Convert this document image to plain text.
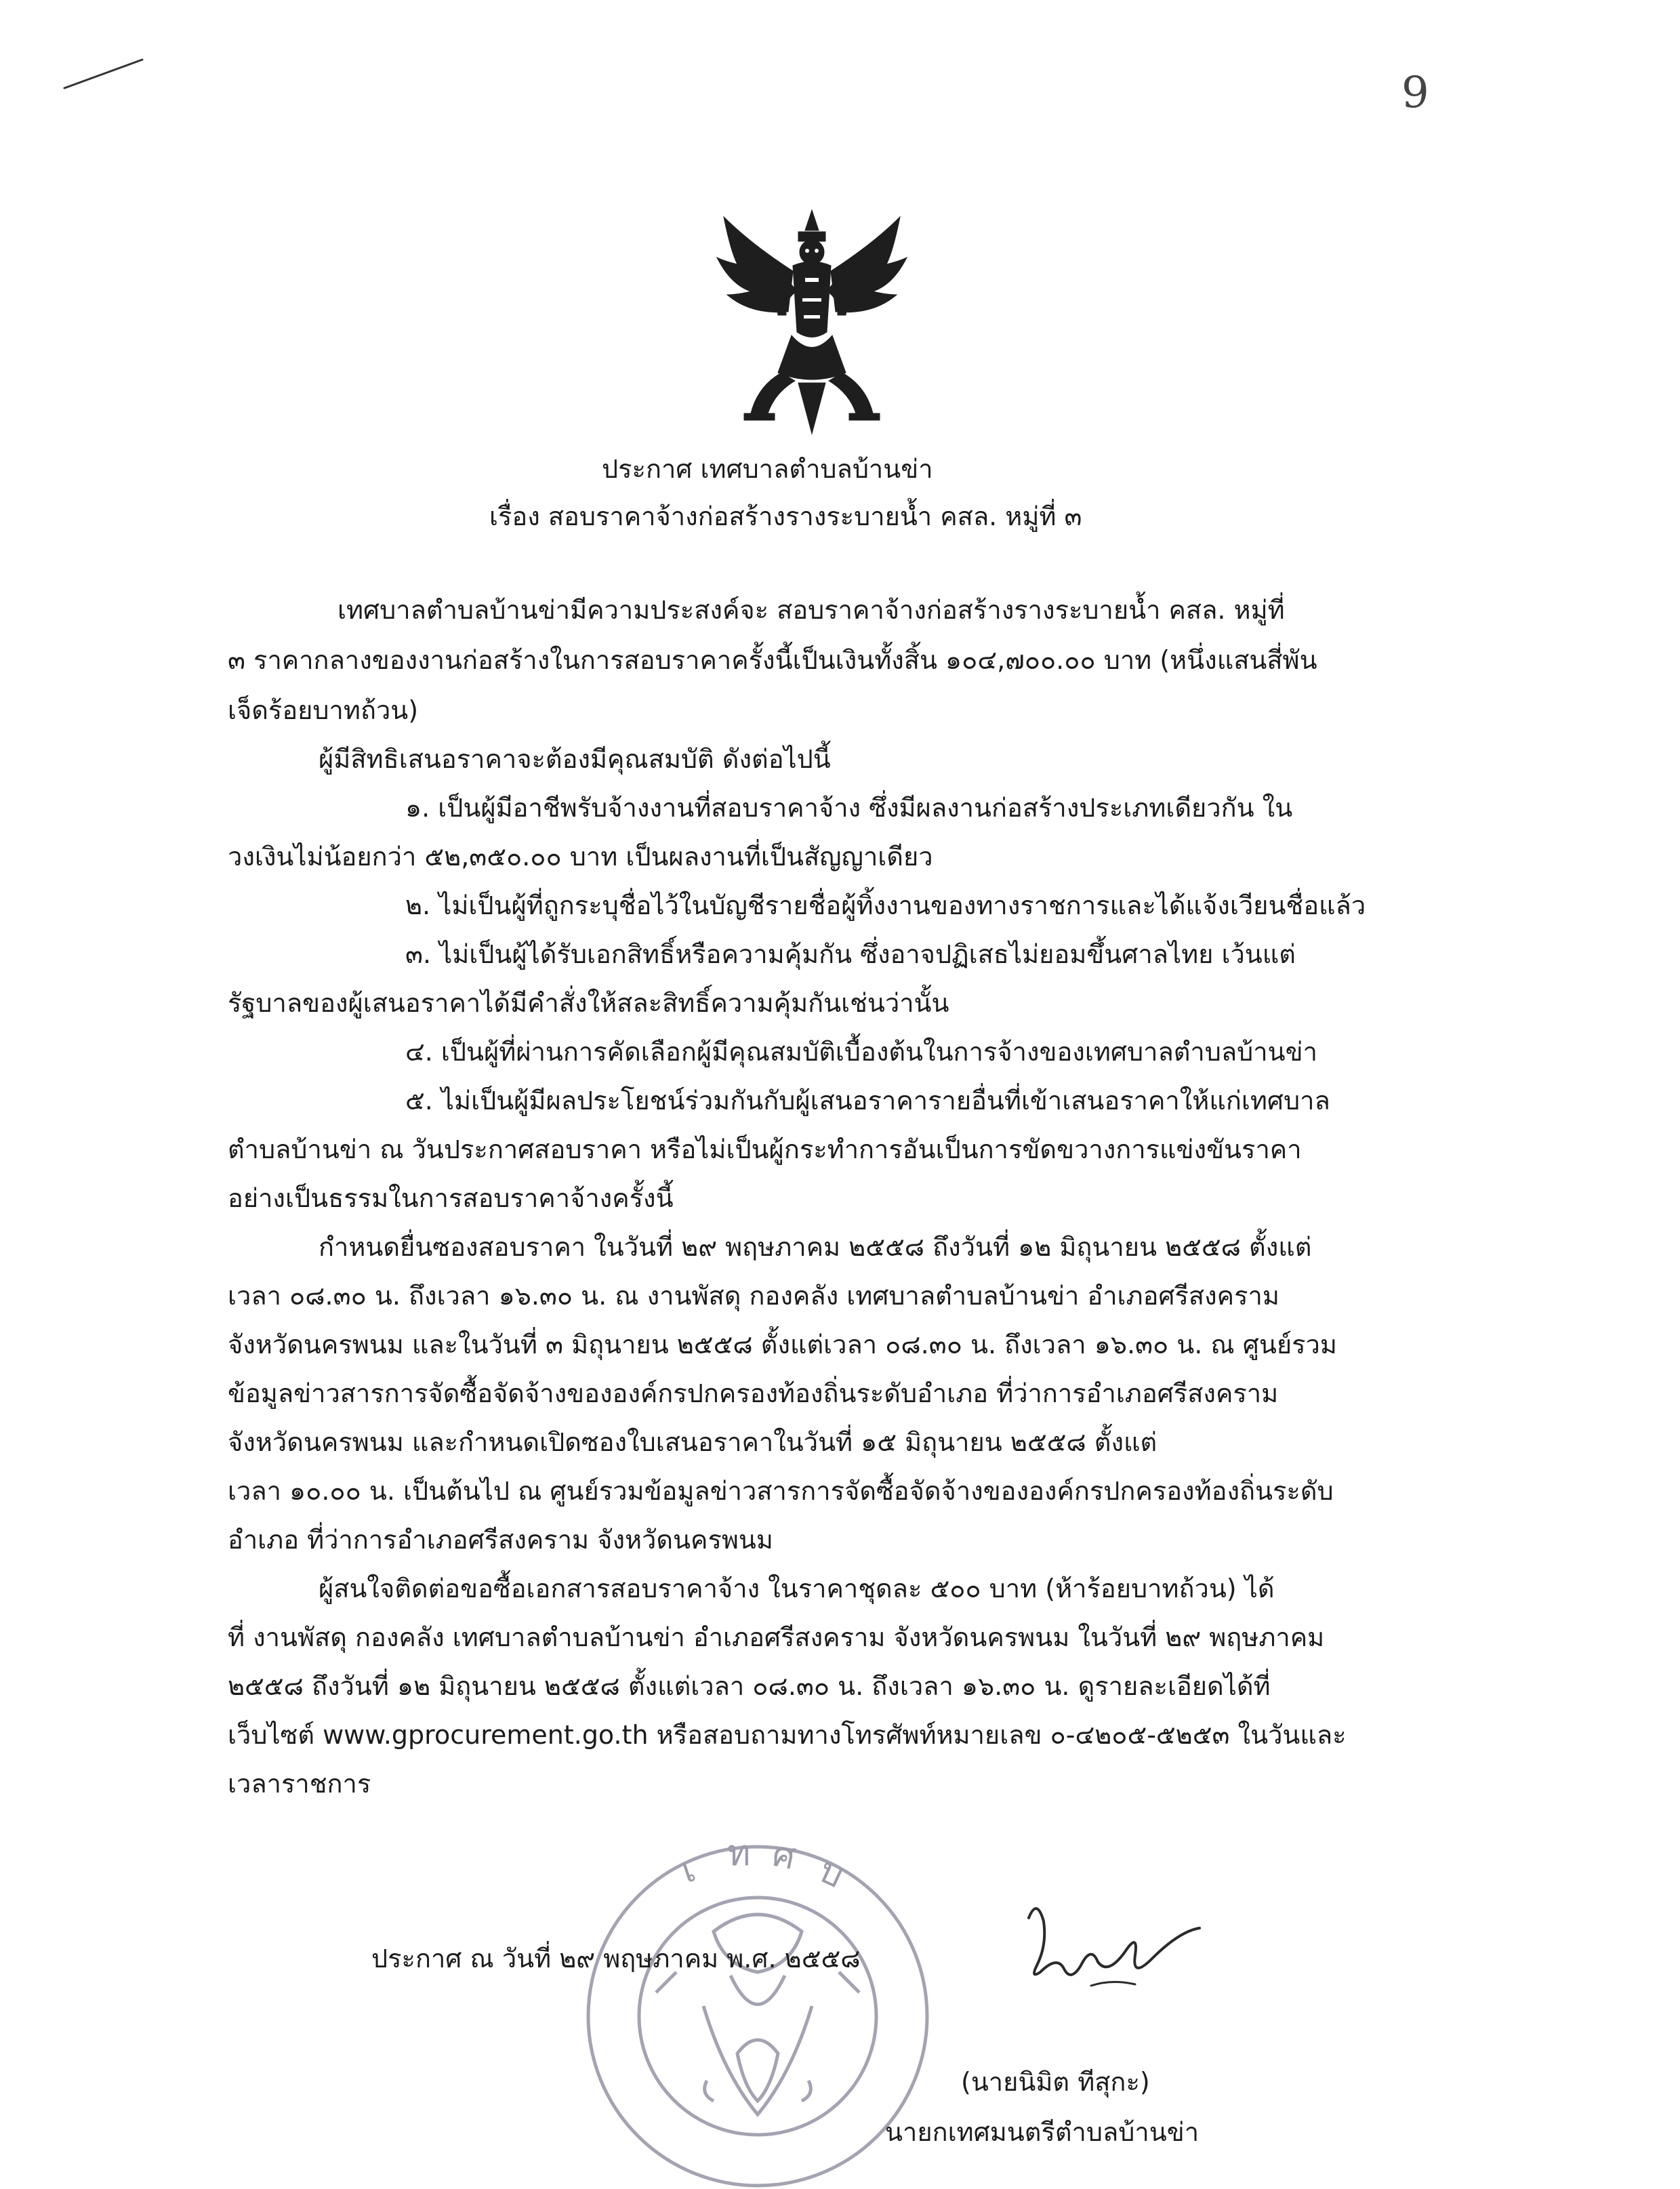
9
ประกาศ เทศบาลตำบลบ้านข่า
เรื่อง สอบราคาจ้างก่อสร้างรางระบายน้ำ คสล. หมู่ที่ ๓
เทศบาลตำบลบ้านข่ามีความประสงค์จะ สอบราคาจ้างก่อสร้างรางระบายน้ำ คสล. หมู่ที่
๓ ราคากลางของงานก่อสร้างในการสอบราคาครั้งนี้เป็นเงินทั้งสิ้น ๑๐๔,๗๐๐.๐๐ บาท (หนึ่งแสนสี่พัน
เจ็ดร้อยบาทถ้วน)
ผู้มีสิทธิเสนอราคาจะต้องมีคุณสมบัติ ดังต่อไปนี้
๑. เป็นผู้มีอาชีพรับจ้างงานที่สอบราคาจ้าง ซึ่งมีผลงานก่อสร้างประเภทเดียวกัน ใน
วงเงินไม่น้อยกว่า ๕๒,๓๕๐.๐๐ บาท เป็นผลงานที่เป็นสัญญาเดียว
๒. ไม่เป็นผู้ที่ถูกระบุชื่อไว้ในบัญชีรายชื่อผู้ทิ้งงานของทางราชการและได้แจ้งเวียนชื่อแล้ว
๓. ไม่เป็นผู้ได้รับเอกสิทธิ์หรือความคุ้มกัน ซึ่งอาจปฏิเสธไม่ยอมขึ้นศาลไทย เว้นแต่
รัฐบาลของผู้เสนอราคาได้มีคำสั่งให้สละสิทธิ์ความคุ้มกันเช่นว่านั้น
๔. เป็นผู้ที่ผ่านการคัดเลือกผู้มีคุณสมบัติเบื้องต้นในการจ้างของเทศบาลตำบลบ้านข่า
๕. ไม่เป็นผู้มีผลประโยชน์ร่วมกันกับผู้เสนอราคารายอื่นที่เข้าเสนอราคาให้แก่เทศบาล
ตำบลบ้านข่า ณ วันประกาศสอบราคา หรือไม่เป็นผู้กระทำการอันเป็นการขัดขวางการแข่งขันราคา
อย่างเป็นธรรมในการสอบราคาจ้างครั้งนี้
กำหนดยื่นซองสอบราคา ในวันที่ ๒๙ พฤษภาคม ๒๕๕๘ ถึงวันที่ ๑๒ มิถุนายน ๒๕๕๘ ตั้งแต่
เวลา ๐๘.๓๐ น. ถึงเวลา ๑๖.๓๐ น. ณ งานพัสดุ กองคลัง เทศบาลตำบลบ้านข่า อำเภอศรีสงคราม
จังหวัดนครพนม และในวันที่ ๓ มิถุนายน ๒๕๕๘ ตั้งแต่เวลา ๐๘.๓๐ น. ถึงเวลา ๑๖.๓๐ น. ณ ศูนย์รวม
ข้อมูลข่าวสารการจัดซื้อจัดจ้างขององค์กรปกครองท้องถิ่นระดับอำเภอ ที่ว่าการอำเภอศรีสงคราม
จังหวัดนครพนม และกำหนดเปิดซองใบเสนอราคาในวันที่ ๑๕ มิถุนายน ๒๕๕๘ ตั้งแต่
เวลา ๑๐.๐๐ น. เป็นต้นไป ณ ศูนย์รวมข้อมูลข่าวสารการจัดซื้อจัดจ้างขององค์กรปกครองท้องถิ่นระดับ
อำเภอ ที่ว่าการอำเภอศรีสงคราม จังหวัดนครพนม
ผู้สนใจติดต่อขอซื้อเอกสารสอบราคาจ้าง ในราคาชุดละ ๕๐๐ บาท (ห้าร้อยบาทถ้วน) ได้
ที่ งานพัสดุ กองคลัง เทศบาลตำบลบ้านข่า อำเภอศรีสงคราม จังหวัดนครพนม ในวันที่ ๒๙ พฤษภาคม
๒๕๕๘ ถึงวันที่ ๑๒ มิถุนายน ๒๕๕๘ ตั้งแต่เวลา ๐๘.๓๐ น. ถึงเวลา ๑๖.๓๐ น. ดูรายละเอียดได้ที่
เว็บไซต์ www.gprocurement.go.th หรือสอบถามทางโทรศัพท์หมายเลข ๐-๔๒๐๕-๕๒๕๓ ในวันและ
เวลาราชการ
เ ท ศ บ
ประกาศ ณ วันที่ ๒๙ พฤษภาคม พ.ศ. ๒๕๕๘
(นายนิมิต ทีสุกะ)
นายกเทศมนตรีตำบลบ้านข่า
